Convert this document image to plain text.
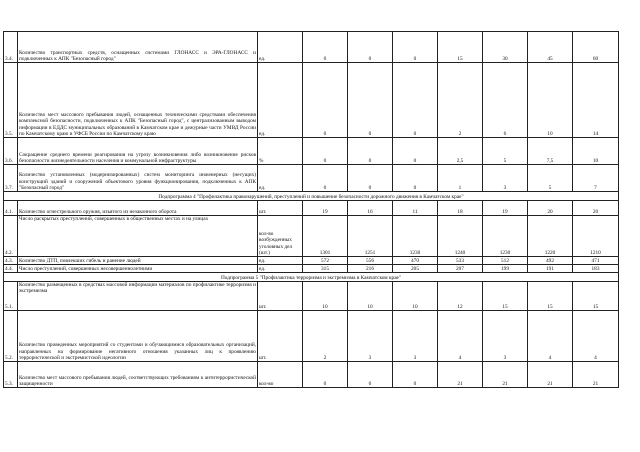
3.4.	Количество транспортных средств, оснащенных системами ГЛОНАСС и ЭРА-ГЛОНАСС и подключенных к АПК "Безопасный город"	ед.	0	0	0	15	30	45	60
3.5.	Количество мест массового пребывания людей, оснащенных техническими средствами обеспечения комплексной безопасности, подключенных к АПК "Безопасный город", с централизованным выводом информации в ЕДДС муниципальных образований в Камчатском крае и дежурные части УМВД России по Камчатскому краю и УФСБ России по Камчатскому краю	ед.	0	0	0	2	6	10	14
3.6.	Сокращение среднего времени реагирования на угрозу возникновения либо возникновение рисков безопасности жизнедеятельности населения и коммунальной инфраструктуры	%	0	0	0	2,5	5	7,5	10
3.7.	Количество установленных (модернизированных) систем мониторинга инженерных (несущих) конструкций зданий и сооружений объектового уровня функционирования, подключенных к АПК "Безопасный город"	ед.	0	0	0	1	3	5	7
Подпрограмма 4 "Профилактика правонарушений, преступлений и повышение безопасности дорожного движения в Камчатском крае"									
4.1.	Количество огнестрельного оружия, изъятого из незаконного оборота	шт.	19	16	11	18	19	20	20
4.2.	Число раскрытых преступлений, совершенных в общественных местах и на улицах	кол-во возбужденных уголовных дел (шт.)	1301	1251	1230	1240	1230	1220	1210
4.3.	Количество ДТП, повлекших гибель и ранение людей	ед.	572	556	470	533	512	492	471
4.4.	Число преступлений, совершенных несовершеннолетними	ед.	315	216	205	207	199	191	183
Подпрограмма 5 "Профилактика терроризма и экстремизма в Камчатском крае"									
5.1.	Количество размещенных в средствах массовой информации материалов по профилактике терроризма и экстремизма	шт.	10	10	10	12	15	15	15
5.2.	Количество проведенных мероприятий со студентами и обучающимися образовательных организаций, направленных на формирование негативного отношения указанных лиц к проявлению террористической и экстремистской идеологии	шт.	2	3	3	4	3	4	4
5.3.	Количество мест массового пребывания людей, соответствующих требованиям к антитеррористической защищенности	кол-во	0	0	0	21	21	21	21
